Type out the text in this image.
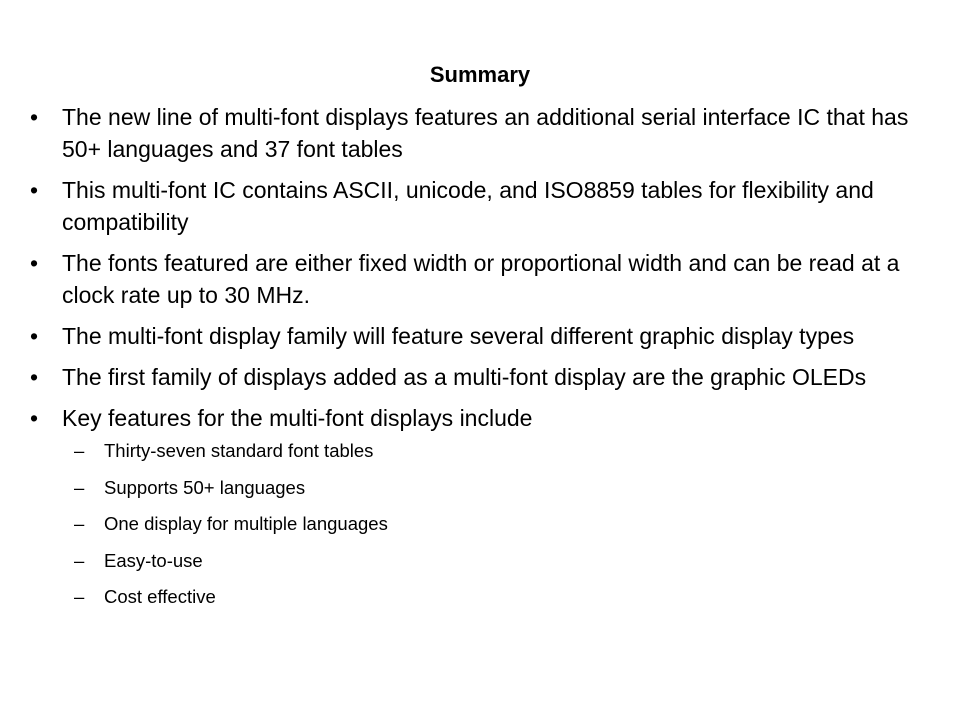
Summary
•	The new line of multi-font displays features an additional serial interface IC that has 50+ languages and 37 font tables
•	This multi-font IC contains ASCII, unicode, and ISO8859 tables for flexibility and compatibility
•	The fonts featured are either fixed width or proportional width and can be read at a clock rate up to 30 MHz.
•	The multi-font display family will feature several different graphic display types
•	The first family of displays added as a multi-font display are the graphic OLEDs
•	Key features for the multi-font displays include
–	Thirty-seven standard font tables
–	Supports 50+ languages
–	One display for multiple languages
–	Easy-to-use
–	Cost effective
